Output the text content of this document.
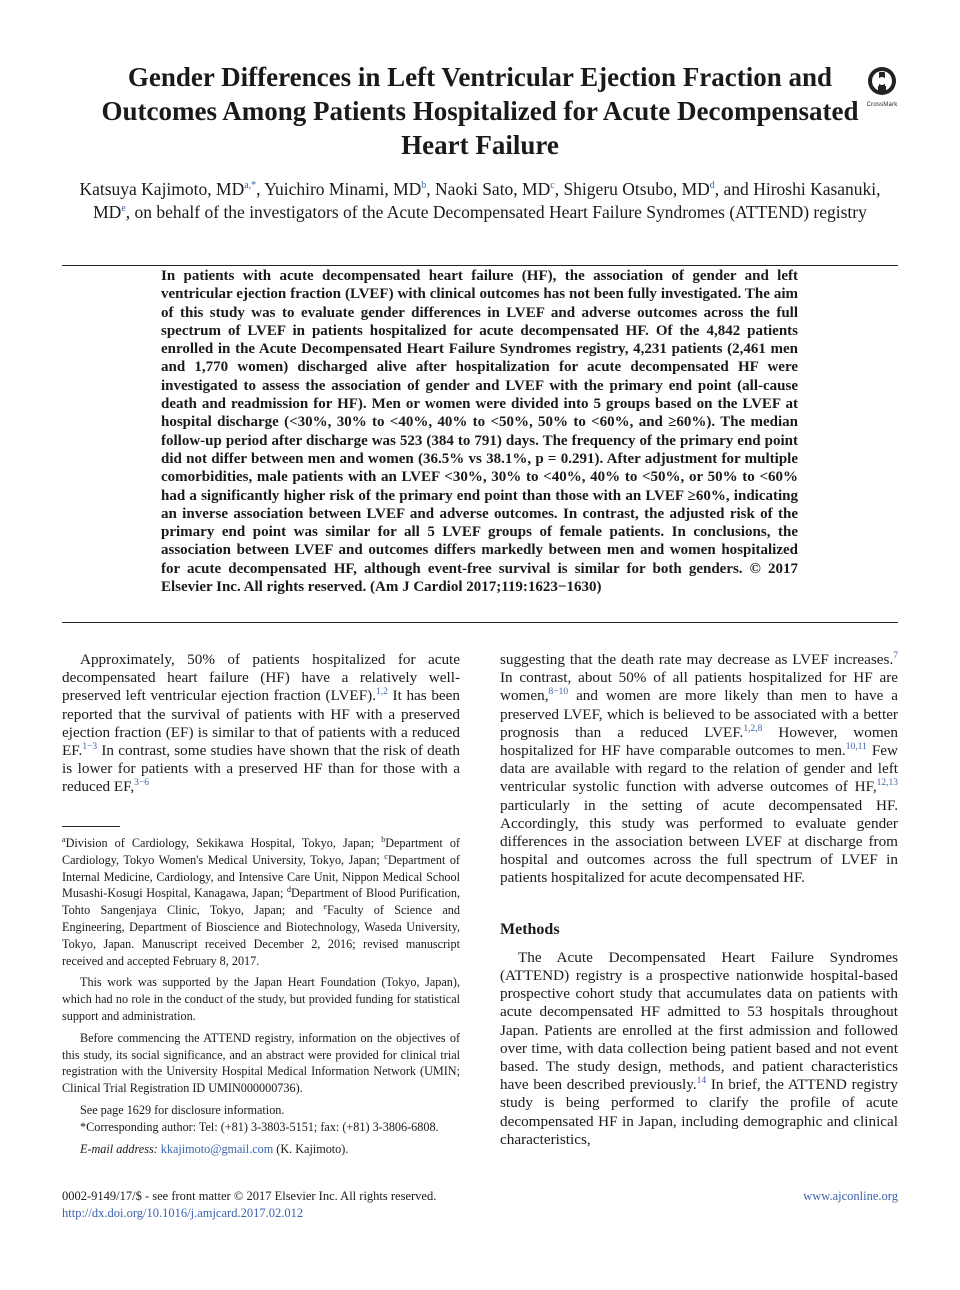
Gender Differences in Left Ventricular Ejection Fraction and Outcomes Among Patients Hospitalized for Acute Decompensated Heart Failure
CrossMark
Katsuya Kajimoto, $MD^{a,*}$, Yuichiro Minami, $MD^b$, Naoki Sato, $MD^c$, Shigeru Otsubo, $MD^d$, and Hiroshi Kasanuki, MDe, on behalf of the investigators of the Acute Decompensated Heart Failure Syndromes (ATTEND) registry

In patients with acute decompensated heart failure (HF), the association of gender and left ventricular ejection fraction (LVEF) with clinical outcomes has not been fully investigated. The aim of this study was to evaluate gender differences in LVEF and adverse outcomes across the full spectrum of LVEF in patients hospitalized for acute decompensated HF. Of the 4,842 patients enrolled in the Acute Decompensated Heart Failure Syndromes registry, 4,231 patients (2,461 men and 1,770 women) discharged alive after hospitalization for acute decompensated HF were investigated to assess the association of gender and LVEF with the primary end point (all-cause death and readmission for HF). Men or women were divided into 5 groups based on the LVEF at hospital discharge (<30%, 30% to <40%, 40% to <50%, 50% to <60%, and ≥60%). The median follow-up period after discharge was 523 (384 to 791) days. The frequency of the primary end point did not differ between men and women (36.5% vs 38.1%, p = 0.291). After adjustment for multiple comorbidities, male patients with an LVEF <30%, 30% to <40%, 40% to <50%, or 50% to <60% had a significantly higher risk of the primary end point than those with an LVEF ≥60%, indicating an inverse association between LVEF and adverse outcomes. In contrast, the adjusted risk of the primary end point was similar for all 5 LVEF groups of female patients. In conclusions, the association between LVEF and outcomes differs markedly between men and women hospitalized for acute decompensated HF, although event-free survival is similar for both genders. © 2017 Elsevier Inc. All rights reserved. (Am J Cardiol 2017;119:1623−1630)

Approximately, 50% of patients hospitalized for acute decompensated heart failure (HF) have a relatively well-preserved left ventricular ejection fraction (LVEF).$^{1,2}$ It has been reported that the survival of patients with HF with a preserved ejection fraction (EF) is similar to that of patients with a reduced EF.$^{1-3}$ In contrast, some studies have shown that the risk of death is lower for patients with a preserved HF than for those with a reduced EF,$^{3-6}$

$^a$Division of Cardiology, Sekikawa Hospital, Tokyo, Japan; $^b$Department of Cardiology, Tokyo Women's Medical University, Tokyo, Japan; $^c$Department of Internal Medicine, Cardiology, and Intensive Care Unit, Nippon Medical School Musashi-Kosugi Hospital, Kanagawa, Japan; $^d$Department of Blood Purification, Tohto Sangenjaya Clinic, Tokyo, Japan; and $^e$Faculty of Science and Engineering, Department of Bioscience and Biotechnology, Waseda University, Tokyo, Japan. Manuscript received December 2, 2016; revised manuscript received and accepted February 8, 2017.

This work was supported by the Japan Heart Foundation (Tokyo, Japan), which had no role in the conduct of the study, but provided funding for statistical support and administration.

Before commencing the ATTEND registry, information on the objectives of this study, its social significance, and an abstract were provided for clinical trial registration with the University Hospital Medical Information Network (UMIN; Clinical Trial Registration ID UMIN000000736).

See page 1629 for disclosure information.

*Corresponding author: Tel: (+81) 3-3803-5151; fax: (+81) 3-3806-6808.

E-mail address: kkajimoto@gmail.com (K. Kajimoto).

suggesting that the death rate may decrease as LVEF increases.$^7$ In contrast, about 50% of all patients hospitalized for HF are women,$^{8-10}$ and women are more likely than men to have a preserved LVEF, which is believed to be associated with a better prognosis than a reduced LVEF.$^{1,2,8}$ However, women hospitalized for HF have comparable outcomes to men.$^{10,11}$ Few data are available with regard to the relation of gender and left ventricular systolic function with adverse outcomes of HF,$^{12,13}$ particularly in the setting of acute decompensated HF. Accordingly, this study was performed to evaluate gender differences in the association between LVEF at discharge from hospital and outcomes across the full spectrum of LVEF in patients hospitalized for acute decompensated HF.

Methods

The Acute Decompensated Heart Failure Syndromes (ATTEND) registry is a prospective nationwide hospital-based prospective cohort study that accumulates data on patients with acute decompensated HF admitted to 53 hospitals throughout Japan. Patients are enrolled at the first admission and followed over time, with data collection being patient based and not event based. The study design, methods, and patient characteristics have been described previously.$^{14}$ In brief, the ATTEND registry study is being performed to clarify the profile of acute decompensated HF in Japan, including demographic and clinical characteristics,

0002-9149/17/$ - see front matter © 2017 Elsevier Inc. All rights reserved.
http://dx.doi.org/10.1016/j.amjcard.2017.02.012
www.ajconline.org
